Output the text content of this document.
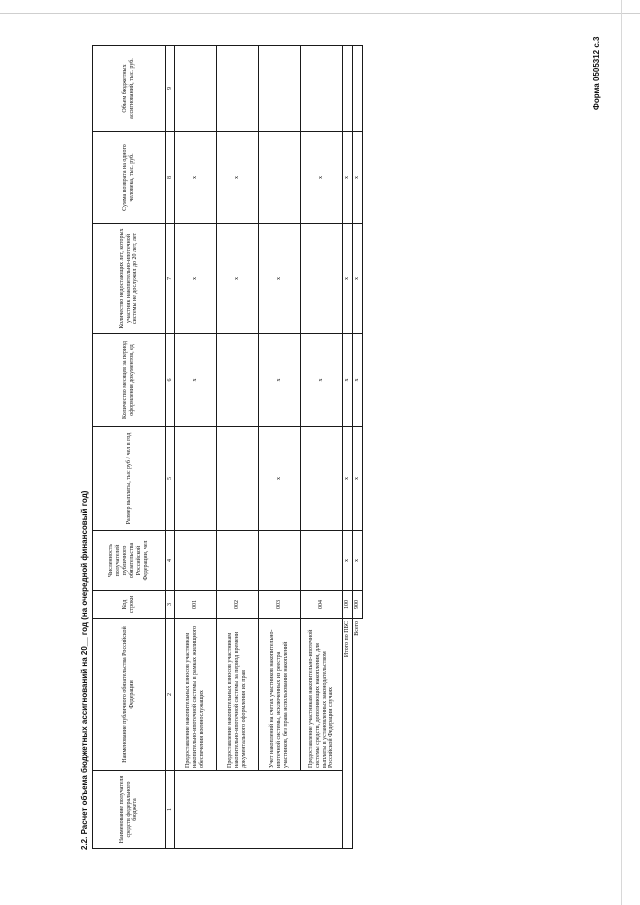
Форма 0505312 с.3
2.2. Расчет объема бюджетных ассигнований на 20__ год (на очередной финансовый год)	Наименование получателя средств федерального бюджета	Наименование публичного обязательства Российской Федерации	Код строки	Численность получателей публичного обязательства Российской Федерации, чел	Размер выплаты, тыс руб / чел в год	Количество месяцев за период оформления документов, ед	Количество недостающих лет, которых участник накопительно-ипотечной системы не дослужил до 20 лет, лет	Сумма возврата на одного человека, тыс. руб.	Объем бюджетных ассигнований, тыс. руб.
1	2	3	4	5	6	7	8	9
	Предоставление накопительных взносов участникам накопительно-ипотечной системы в рамках жилищного обеспечения военнослужащих	001			x	x	x	
	Предоставление накопительных взносов участникам накопительно-ипотечной системы за период времени документального оформления их прав	002				x	x	
	Учет накоплений на счетах участников накопительно-ипотечной системы, исключенных из реестра участников, без права использования накоплений	003		x	x	x		
	Предоставление участникам накопительно-ипотечной системы средств, дополняющих накопления, для выплаты в установленных законодательством Российской Федерации случаях	004			x		x	
Итого по ПБС		100	x	x	x	x	x	
Всего		900	x	x	x	x	x	
